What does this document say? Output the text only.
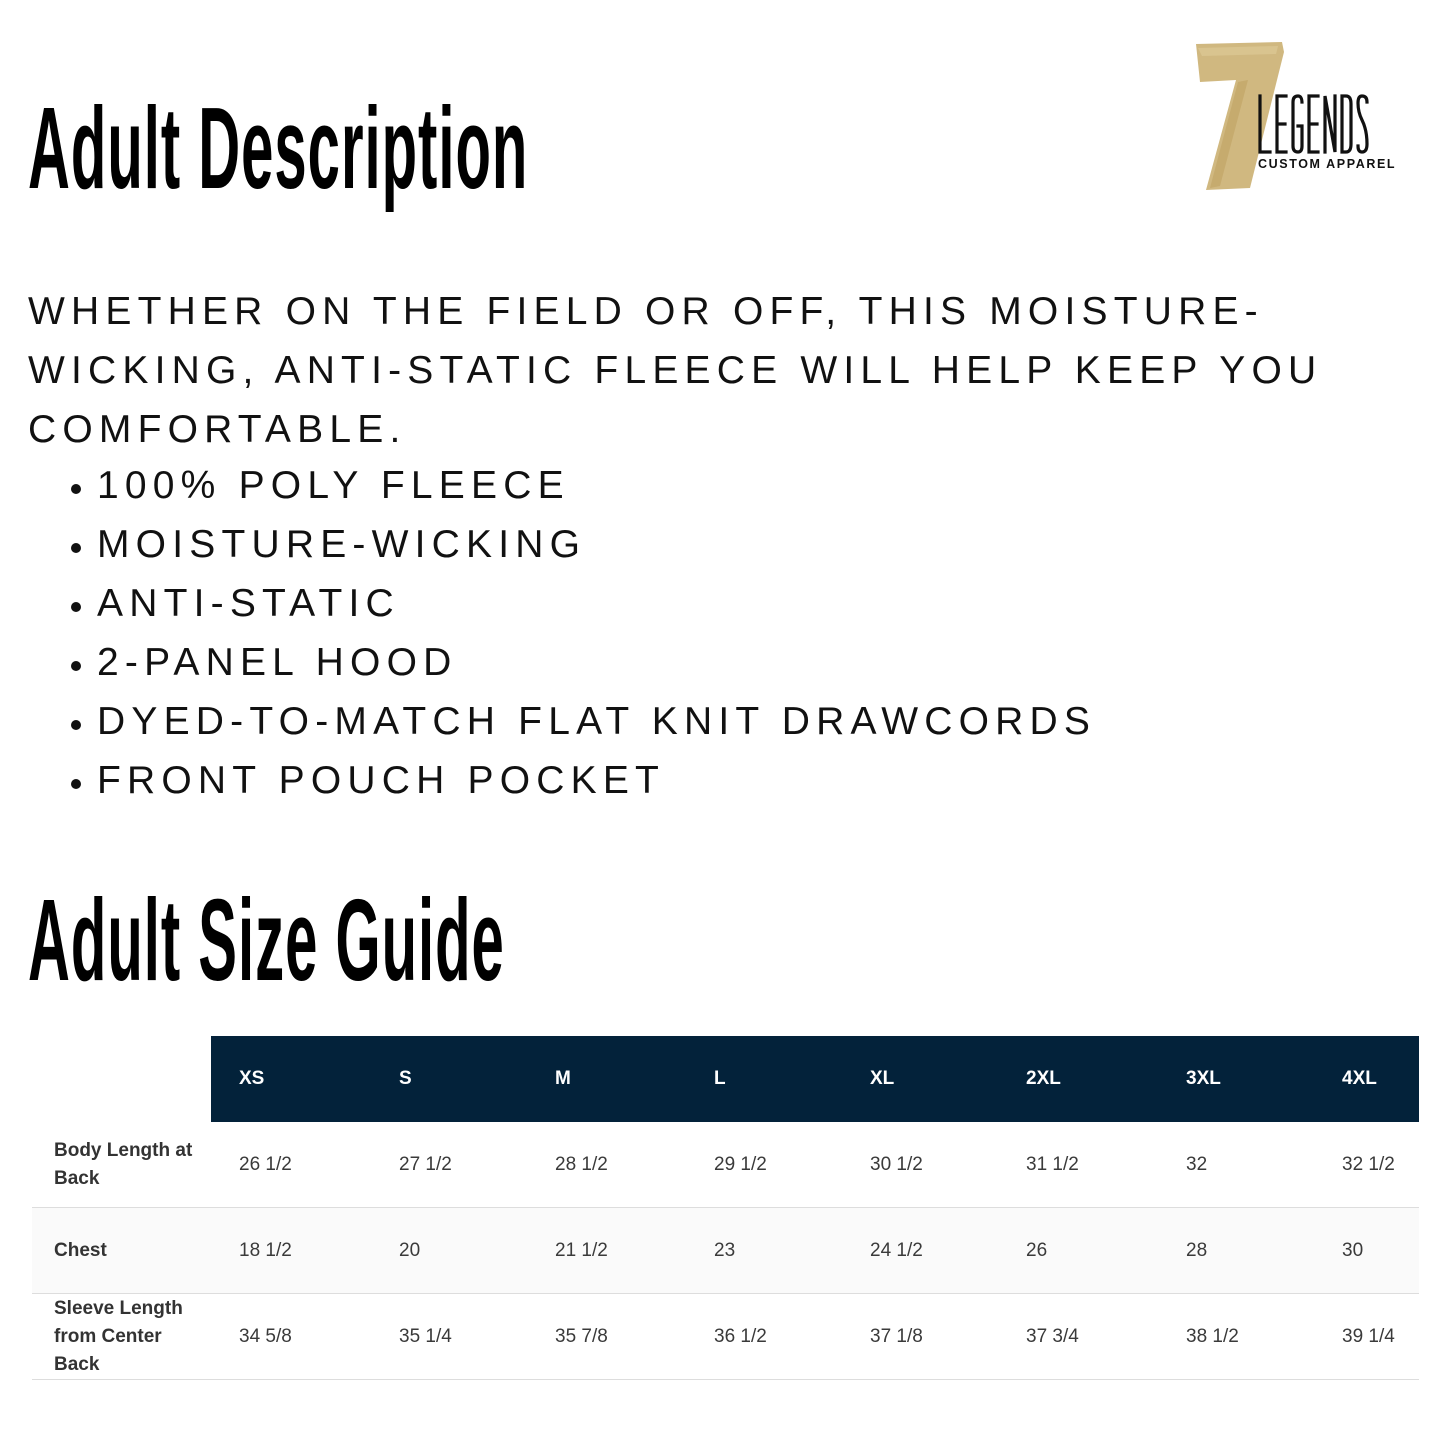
Adult Description	CUSTOM APPAREL

WHETHER ON THE FIELD OR OFF, THIS MOISTURE-WICKING, ANTI-STATIC FLEECE WILL HELP KEEP YOU COMFORTABLE.

• 100% POLY FLEECE
• MOISTURE-WICKING
• ANTI-STATIC
• 2-PANEL HOOD
• DYED-TO-MATCH FLAT KNIT DRAWCORDS
• FRONT POUCH POCKET
Adult Size Guide
	XS	S	M	L	XL	2XL	3XL	4XL
Body Length at Back	26 1/2	27 1/2	28 1/2	29 1/2	30 1/2	31 1/2	32	32 1/2
Chest	18 1/2	20	21 1/2	23	24 1/2	26	28	30
Sleeve Length from Center Back	34 5/8	35 1/4	35 7/8	36 1/2	37 1/8	37 3/4	38 1/2	39 1/4
